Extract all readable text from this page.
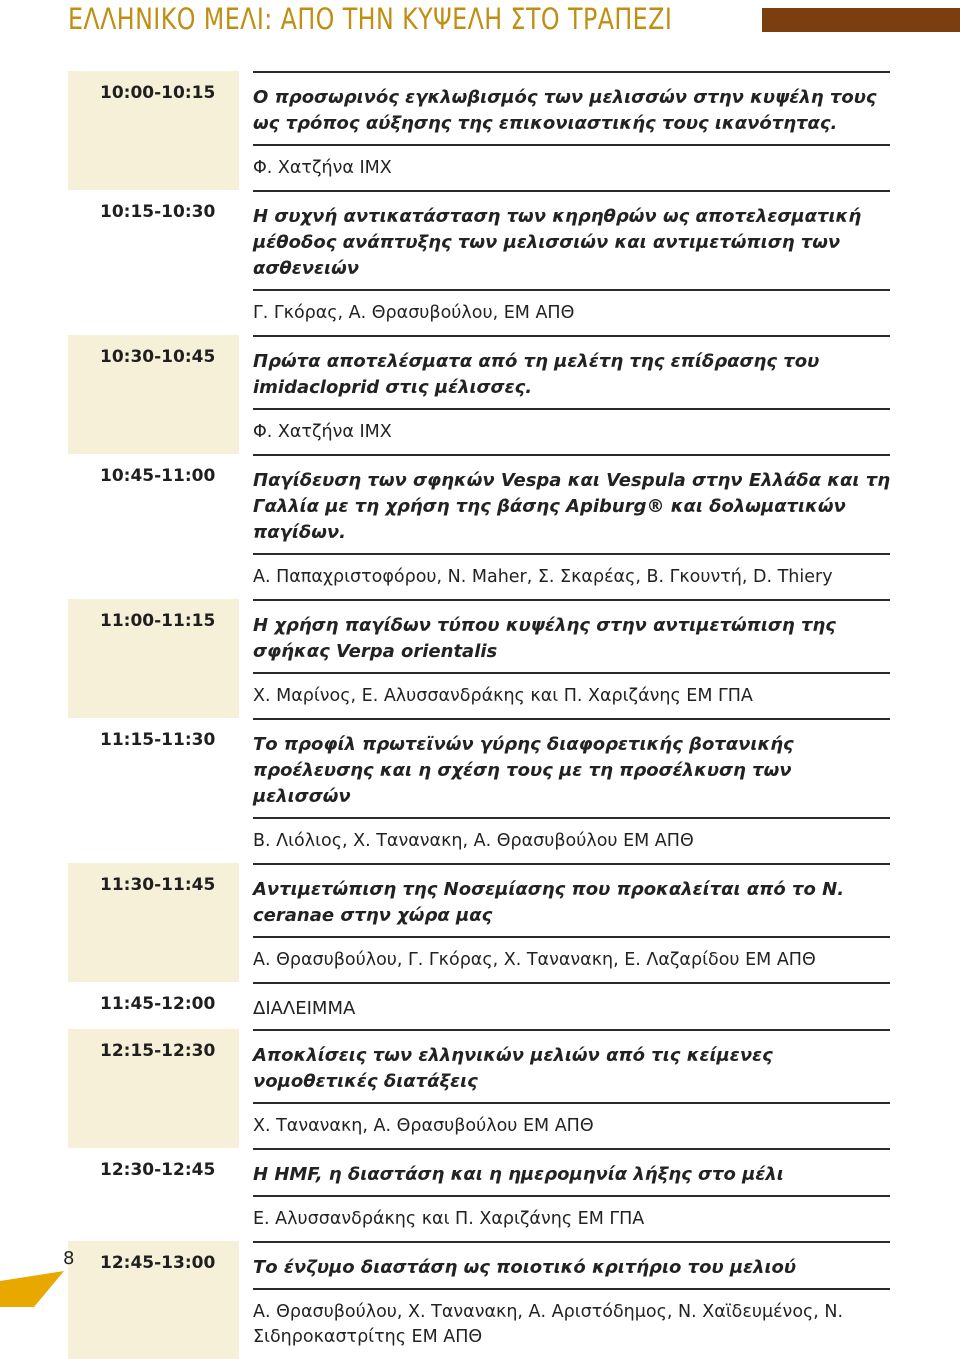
ΕΛΛΗΝΙΚΟ ΜΕΛΙ: ΑΠΟ ΤΗΝ ΚΥΨΕΛΗ ΣΤΟ ΤΡΑΠΕΖΙ
10:00-10:15	Ο προσωρινός εγκλωβισμός των μελισσών στην κυψέλη τους ως τρόπος αύξησης της επικονιαστικής τους ικανότητας.
Φ. Χατζήνα ΙΜΧ
10:15-10:30	Η συχνή αντικατάσταση των κηρηθρών ως αποτελεσματική μέθοδος ανάπτυξης των μελισσιών και αντιμετώπιση των ασθενειών
Γ. Γκόρας, Α. Θρασυβούλου, ΕΜ ΑΠΘ
10:30-10:45	Πρώτα αποτελέσματα από τη μελέτη της επίδρασης του imidacloprid στις μέλισσες.
Φ. Χατζήνα ΙΜΧ
10:45-11:00	Παγίδευση των σφηκών Vespa και Vespula στην Ελλάδα και τη Γαλλία με τη χρήση της βάσης Apiburg® και δολωματικών παγίδων.
Α. Παπαχριστοφόρου, Ν. Maher, Σ. Σκαρέας, Β. Γκουντή, D. Thiery
11:00-11:15	Η χρήση παγίδων τύπου κυψέλης στην αντιμετώπιση της σφήκας Verpa orientalis
Χ. Μαρίνος, Ε. Αλυσσανδράκης και Π. Χαριζάνης ΕΜ ΓΠΑ
11:15-11:30	Το προφίλ πρωτεϊνών γύρης διαφορετικής βοτανικής προέλευσης και η σχέση τους με τη προσέλκυση των μελισσών
Β. Λιόλιος, Χ. Τανανακη, Α. Θρασυβούλου ΕΜ ΑΠΘ
11:30-11:45	Αντιμετώπιση της Νοσεμίασης που προκαλείται από το Ν. ceranae στην χώρα μας
Α. Θρασυβούλου, Γ. Γκόρας, Χ. Τανανακη, Ε. Λαζαρίδου ΕΜ ΑΠΘ
11:45-12:00	ΔΙΑΛΕΙΜΜΑ
12:15-12:30	Αποκλίσεις των ελληνικών μελιών από τις κείμενες νομοθετικές διατάξεις
Χ. Τανανακη, Α. Θρασυβούλου ΕΜ ΑΠΘ
12:30-12:45	Η HMF, η διαστάση και η ημερομηνία λήξης στο μέλι
Ε. Αλυσσανδράκης και Π. Χαριζάνης ΕΜ ΓΠΑ
12:45-13:00	Το ένζυμο διαστάση ως ποιοτικό κριτήριο του μελιού
Α. Θρασυβούλου, Χ. Τανανακη, Α. Αριστόδημος, Ν. Χαϊδευμένος, Ν. Σιδηροκαστρίτης ΕΜ ΑΠΘ
8
